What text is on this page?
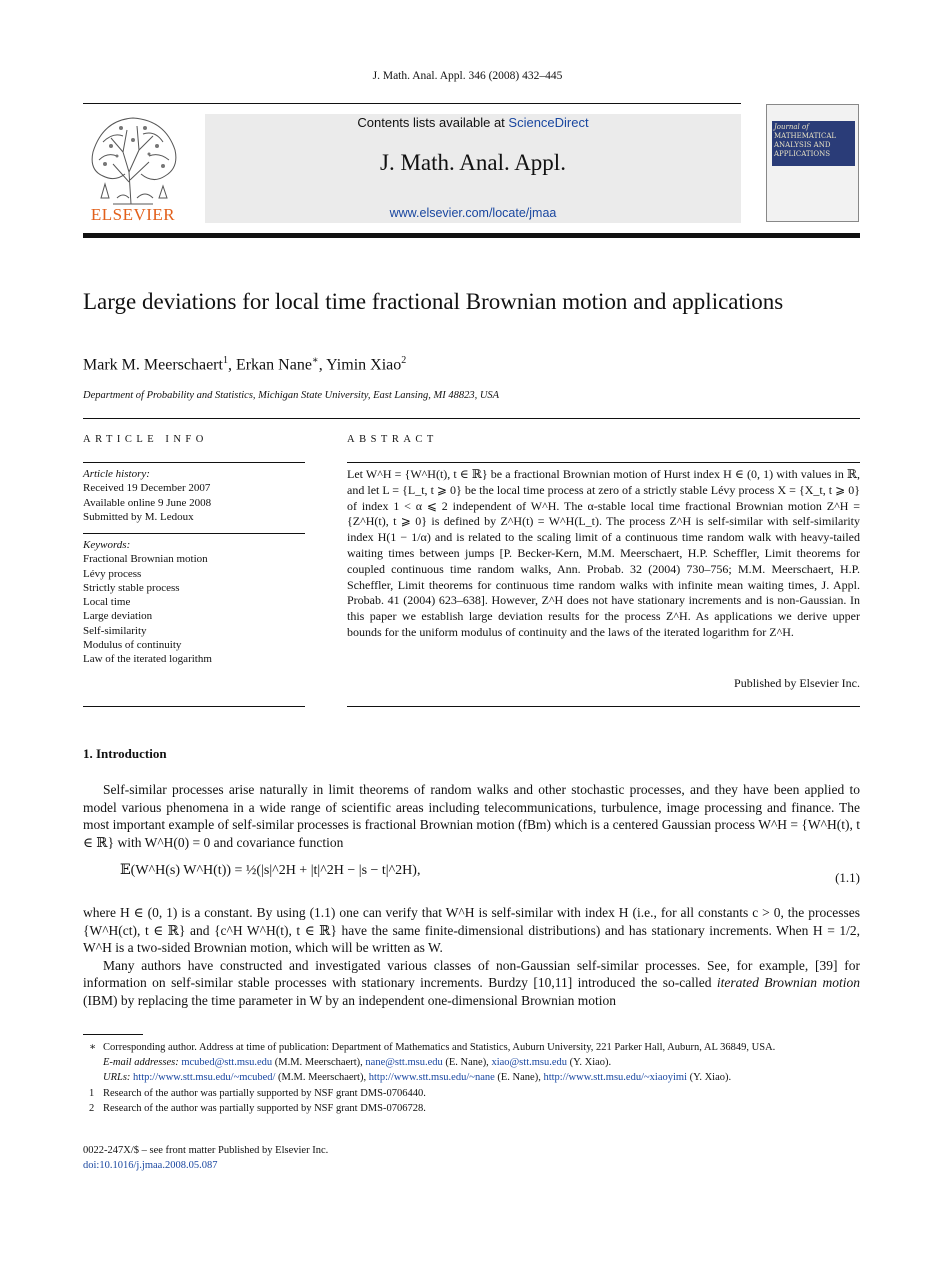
J. Math. Anal. Appl. 346 (2008) 432–445
ELSEVIER
Contents lists available at ScienceDirect
J. Math. Anal. Appl.
www.elsevier.com/locate/jmaa
Journal of
MATHEMATICAL
ANALYSIS AND
APPLICATIONS
Large deviations for local time fractional Brownian motion and applications
Mark M. Meerschaert$^1$, Erkan Nane∗, Yimin Xiao$^2$
Department of Probability and Statistics, Michigan State University, East Lansing, MI 48823, USA
ARTICLE INFO
Article history:
Received 19 December 2007
Available online 9 June 2008
Submitted by M. Ledoux
Keywords:
Fractional Brownian motion
Lévy process
Strictly stable process
Local time
Large deviation
Self-similarity
Modulus of continuity
Law of the iterated logarithm
ABSTRACT
Let W^H = {W^H(t), t ∈ ℝ} be a fractional Brownian motion of Hurst index H ∈ (0, 1) with values in ℝ, and let L = {L_t, t ⩾ 0} be the local time process at zero of a strictly stable Lévy process X = {X_t, t ⩾ 0} of index 1 < α ⩽ 2 independent of W^H. The α-stable local time fractional Brownian motion Z^H = {Z^H(t), t ⩾ 0} is defined by Z^H(t) = W^H(L_t). The process Z^H is self-similar with self-similarity index H(1 − 1/α) and is related to the scaling limit of a continuous time random walk with heavy-tailed waiting times between jumps [P. Becker-Kern, M.M. Meerschaert, H.P. Scheffler, Limit theorems for coupled continuous time random walks, Ann. Probab. 32 (2004) 730–756; M.M. Meerschaert, H.P. Scheffler, Limit theorems for continuous time random walks with infinite mean waiting times, J. Appl. Probab. 41 (2004) 623–638]. However, Z^H does not have stationary increments and is non-Gaussian. In this paper we establish large deviation results for the process Z^H. As applications we derive upper bounds for the uniform modulus of continuity and the laws of the iterated logarithm for Z^H.
Published by Elsevier Inc.
1. Introduction

Self-similar processes arise naturally in limit theorems of random walks and other stochastic processes, and they have been applied to model various phenomena in a wide range of scientific areas including telecommunications, turbulence, image processing and finance. The most important example of self-similar processes is fractional Brownian motion (fBm) which is a centered Gaussian process W^H = {W^H(t), t ∈ ℝ} with W^H(0) = 0 and covariance function

𝔼(W^H(s) W^H(t)) = ½(|s|^2H + |t|^2H − |s − t|^2H),	(1.1)

where H ∈ (0, 1) is a constant. By using (1.1) one can verify that W^H is self-similar with index H (i.e., for all constants c > 0, the processes {W^H(ct), t ∈ ℝ} and {c^H W^H(t), t ∈ ℝ} have the same finite-dimensional distributions) and has stationary increments. When H = 1/2, W^H is a two-sided Brownian motion, which will be written as W.

Many authors have constructed and investigated various classes of non-Gaussian self-similar processes. See, for example, [39] for information on self-similar stable processes with stationary increments. Burdzy [10,11] introduced the so-called iterated Brownian motion (IBM) by replacing the time parameter in W by an independent one-dimensional Brownian motion

∗ Corresponding author. Address at time of publication: Department of Mathematics and Statistics, Auburn University, 221 Parker Hall, Auburn, AL 36849, USA.
E-mail addresses: mcubed@stt.msu.edu (M.M. Meerschaert), nane@stt.msu.edu (E. Nane), xiao@stt.msu.edu (Y. Xiao).
URLs: http://www.stt.msu.edu/~mcubed/ (M.M. Meerschaert), http://www.stt.msu.edu/~nane (E. Nane), http://www.stt.msu.edu/~xiaoyimi (Y. Xiao).
1 Research of the author was partially supported by NSF grant DMS-0706440.
2 Research of the author was partially supported by NSF grant DMS-0706728.
0022-247X/$ – see front matter Published by Elsevier Inc.
doi:10.1016/j.jmaa.2008.05.087
